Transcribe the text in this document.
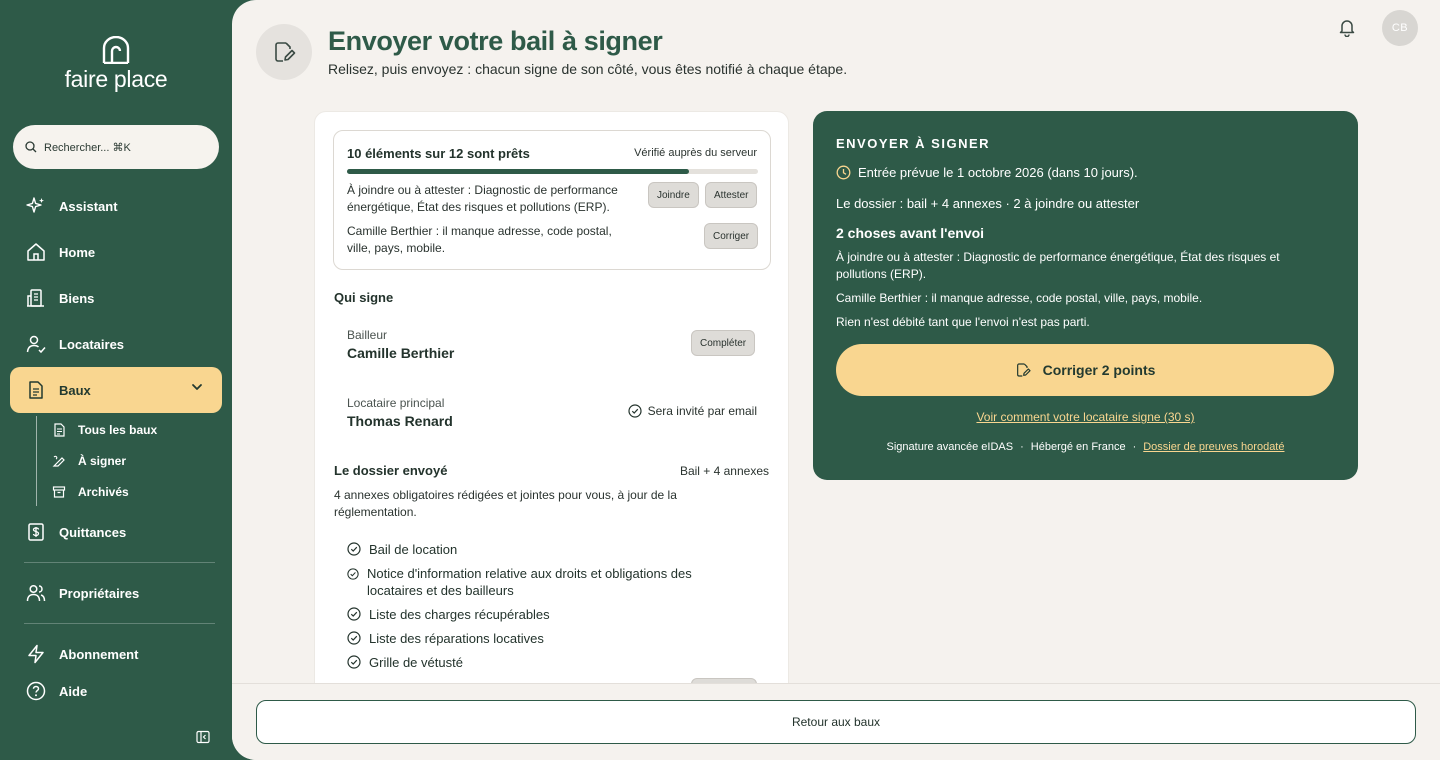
faire place
Rechercher... ⌘K
Assistant
Home
Biens
Locataires
Baux
Tous les baux
À signer
Archivés
Quittances
Propriétaires
Abonnement
Aide
Envoyer votre bail à signer
Relisez, puis envoyez : chacun signe de son côté, vous êtes notifié à chaque étape.
CB
10 éléments sur 12 sont prêts	Vérifié auprès du serveur
À joindre ou à attester : Diagnostic de performance énergétique, État des risques et pollutions (ERP).
Joindre	Attester
Camille Berthier : il manque adresse, code postal, ville, pays, mobile.
Corriger
Qui signe
Bailleur
Camille Berthier
Compléter
Locataire principal
Thomas Renard
Sera invité par email
Le dossier envoyé	Bail + 4 annexes
4 annexes obligatoires rédigées et jointes pour vous, à jour de la réglementation.
Bail de location
Notice d'information relative aux droits et obligations des locataires et des bailleurs
Liste des charges récupérables
Liste des réparations locatives
Grille de vétusté
ENVOYER À SIGNER
Entrée prévue le 1 octobre 2026 (dans 10 jours).
Le dossier : bail + 4 annexes · 2 à joindre ou attester
2 choses avant l'envoi
À joindre ou à attester : Diagnostic de performance énergétique, État des risques et pollutions (ERP).
Camille Berthier : il manque adresse, code postal, ville, pays, mobile.
Rien n'est débité tant que l'envoi n'est pas parti.
Corriger 2 points
Voir comment votre locataire signe (30 s)
Signature avancée eIDAS · Hébergé en France · Dossier de preuves horodaté
Retour aux baux
